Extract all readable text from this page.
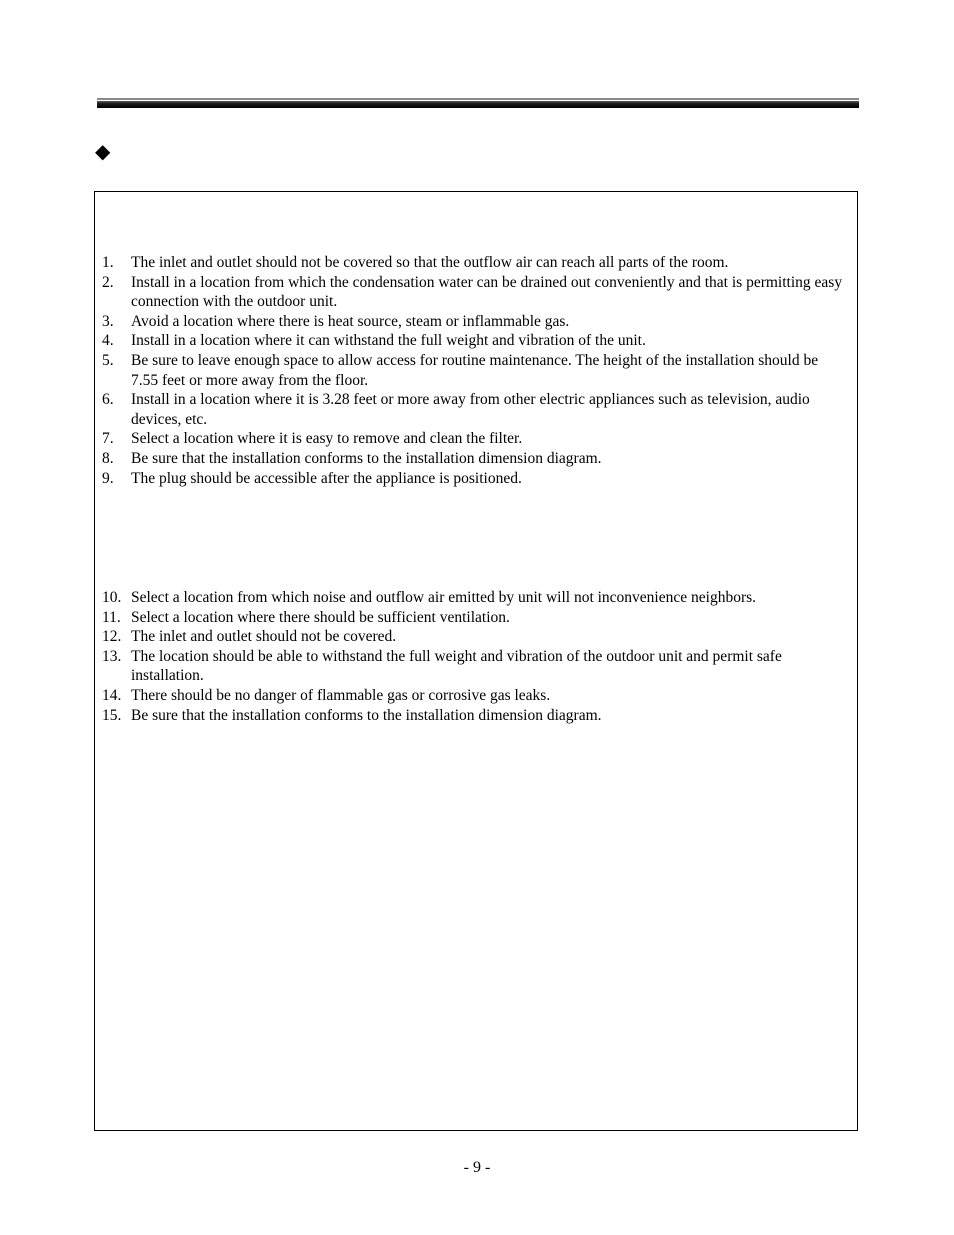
◆
1.	The inlet and outlet should not be covered so that the outflow air can reach all parts of the room.
2.	Install in a location from which the condensation water can be drained out conveniently and that is permitting easy connection with the outdoor unit.
3.	Avoid a location where there is heat source, steam or inflammable gas.
4.	Install in a location where it can withstand the full weight and vibration of the unit.
5.	Be sure to leave enough space to allow access for routine maintenance. The height of the installation should be 7.55 feet or more away from the floor.
6.	Install in a location where it is 3.28 feet or more away from other electric appliances such as television, audio devices, etc.
7.	Select a location where it is easy to remove and clean the filter.
8.	Be sure that the installation conforms to the installation dimension diagram.
9.	The plug should be accessible after the appliance is positioned.
10. Select a location from which noise and outflow air emitted by unit will not inconvenience neighbors.
11. Select a location where there should be sufficient ventilation.
12. The inlet and outlet should not be covered.
13. The location should be able to withstand the full weight and vibration of the outdoor unit and permit safe installation.
14. There should be no danger of flammable gas or corrosive gas leaks.
15. Be sure that the installation conforms to the installation dimension diagram.
- 9 -
